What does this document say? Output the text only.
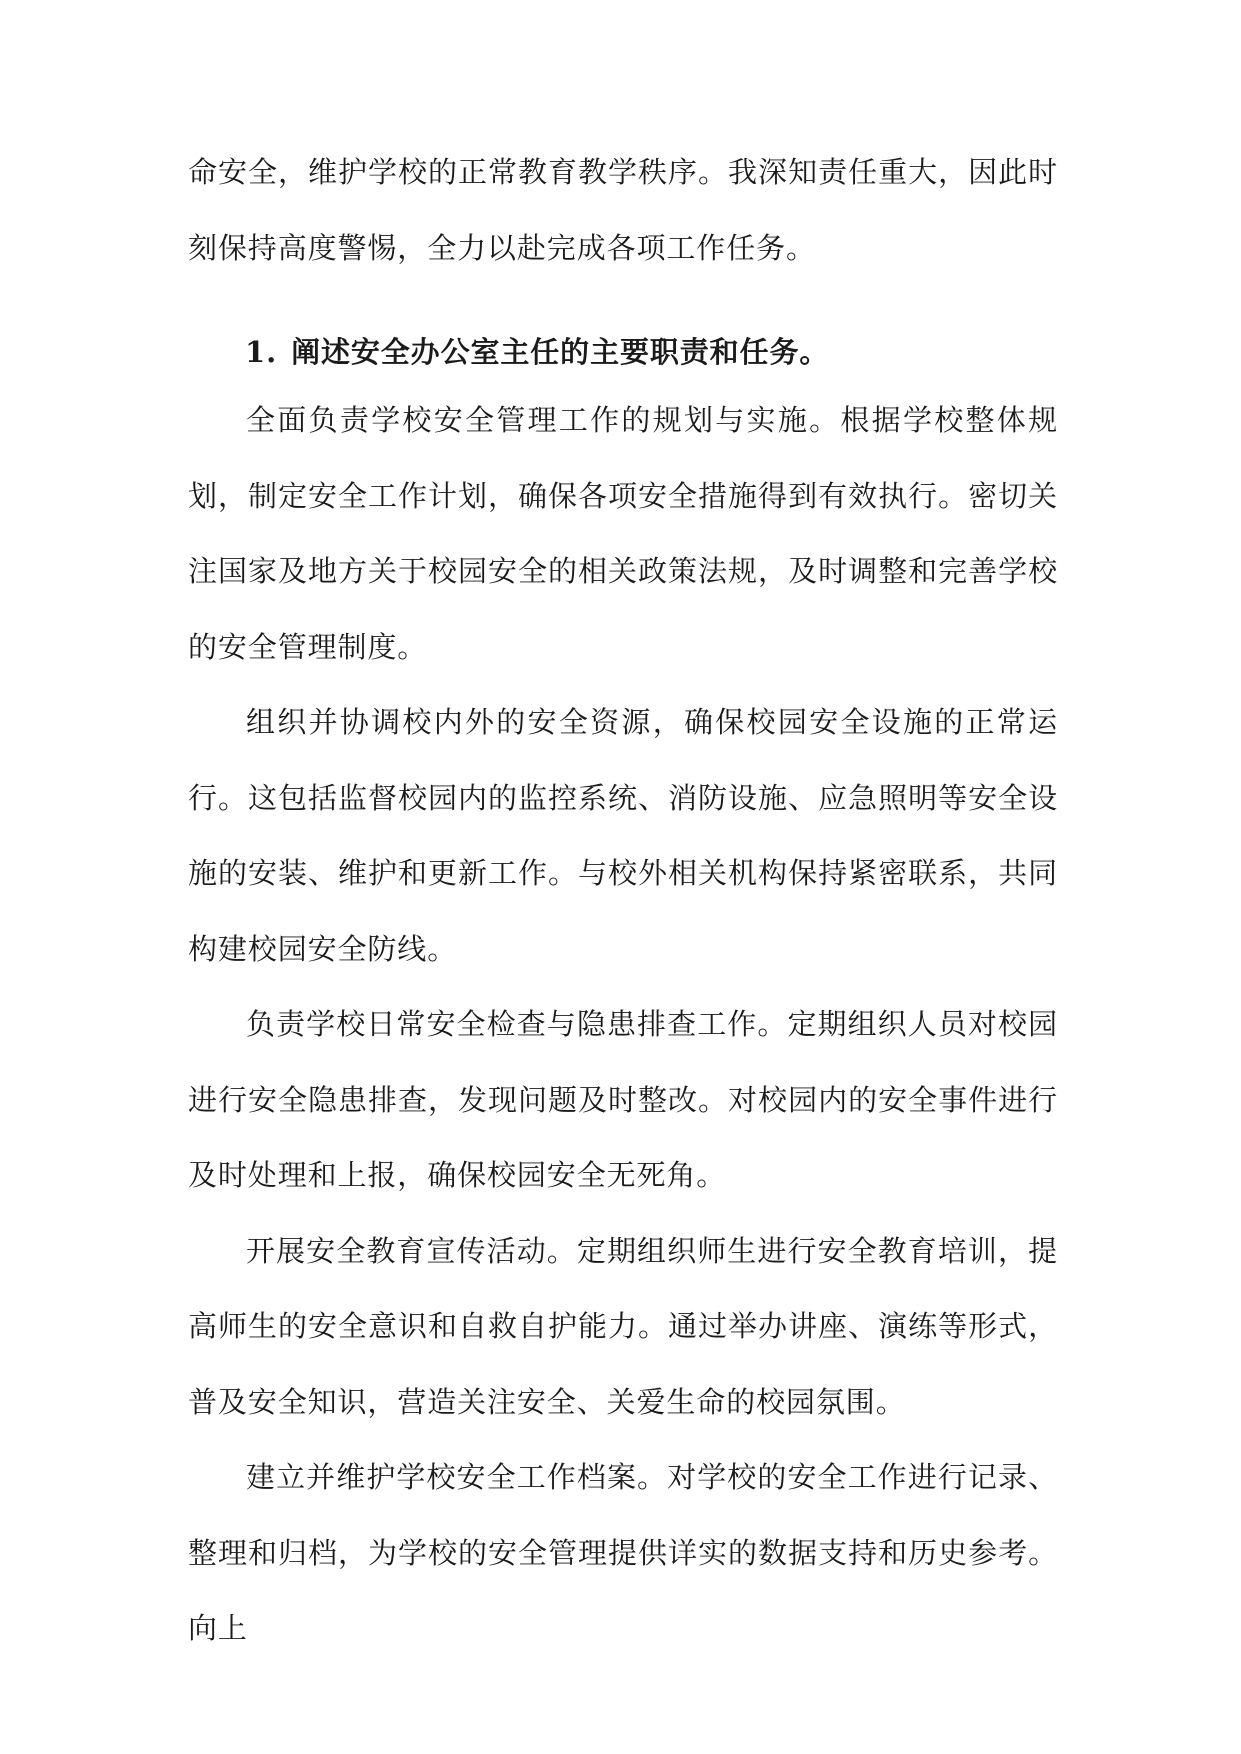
命安全，维护学校的正常教育教学秩序。我深知责任重大，因此时刻保持高度警惕，全力以赴完成各项工作任务。

1. 阐述安全办公室主任的主要职责和任务。

全面负责学校安全管理工作的规划与实施。根据学校整体规划，制定安全工作计划，确保各项安全措施得到有效执行。密切关注国家及地方关于校园安全的相关政策法规，及时调整和完善学校的安全管理制度。

组织并协调校内外的安全资源，确保校园安全设施的正常运行。这包括监督校园内的监控系统、消防设施、应急照明等安全设施的安装、维护和更新工作。与校外相关机构保持紧密联系，共同构建校园安全防线。

负责学校日常安全检查与隐患排查工作。定期组织人员对校园进行安全隐患排查，发现问题及时整改。对校园内的安全事件进行及时处理和上报，确保校园安全无死角。

开展安全教育宣传活动。定期组织师生进行安全教育培训，提高师生的安全意识和自救自护能力。通过举办讲座、演练等形式，普及安全知识，营造关注安全、关爱生命的校园氛围。

建立并维护学校安全工作档案。对学校的安全工作进行记录、整理和归档，为学校的安全管理提供详实的数据支持和历史参考。向上
